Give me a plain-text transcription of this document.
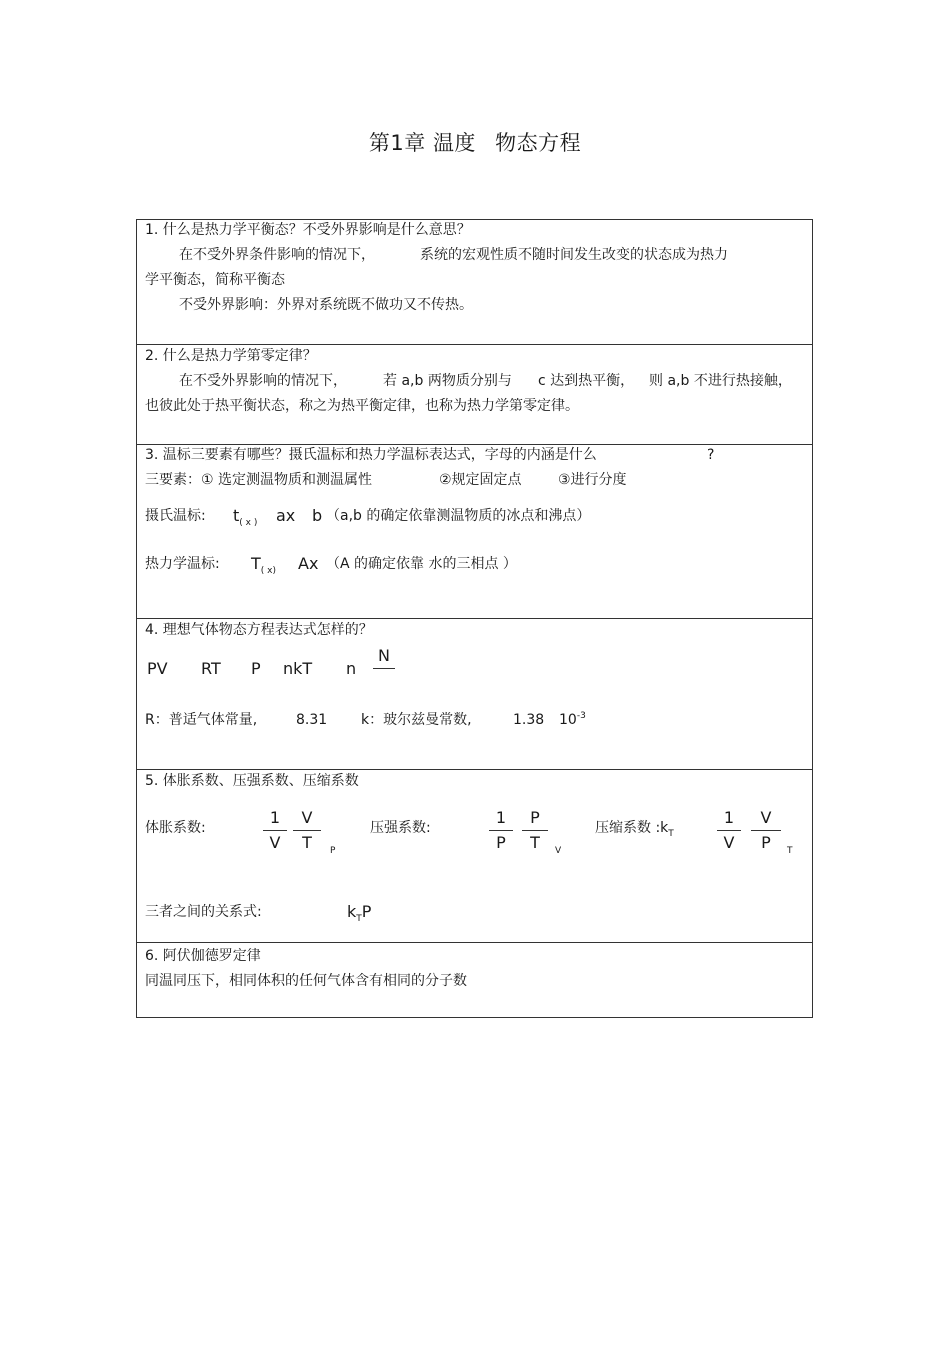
第1章 温度 物态方程
1. 什么是热力学平衡态？不受外界影响是什么意思？
在不受外界条件影响的情况下，	系统的宏观性质不随时间发生改变的状态成为热力
学平衡态，简称平衡态
不受外界影响：外界对系统既不做功又不传热。
2. 什么是热力学第零定律？
在不受外界影响的情况下，	若 a,b 两物质分别与 c 达到热平衡， 则 a,b 不进行热接触，
也彼此处于热平衡状态，称之为热平衡定律，也称为热力学第零定律。
3. 温标三要素有哪些？摄氏温标和热力学温标表达式，字母的内涵是什么	?
三要素：① 选定测温物质和测温属性	②规定固定点	③进行分度
摄氏温标: $t_{( x )}$ ax b （a,b 的确定依靠测温物质的冰点和沸点）
热力学温标: $T_{( x)}$ Ax （A 的确定依靠 水的三相点 ）
4. 理想气体物态方程表达式怎样的？
PV RT P nkT n
N
R：普适气体常量,	8.31 k：玻尔兹曼常数,	1.38 $10^{-3}$
5. 体胀系数、压强系数、压缩系数
体胀系数:
1
V
V
T	P
压强系数:
1
P
P
T	V
压缩系数 $:k_T$
1
V
V
P	T
三者之间的关系式:	$k_TP$
6. 阿伏伽德罗定律
同温同压下，相同体积的任何气体含有相同的分子数
